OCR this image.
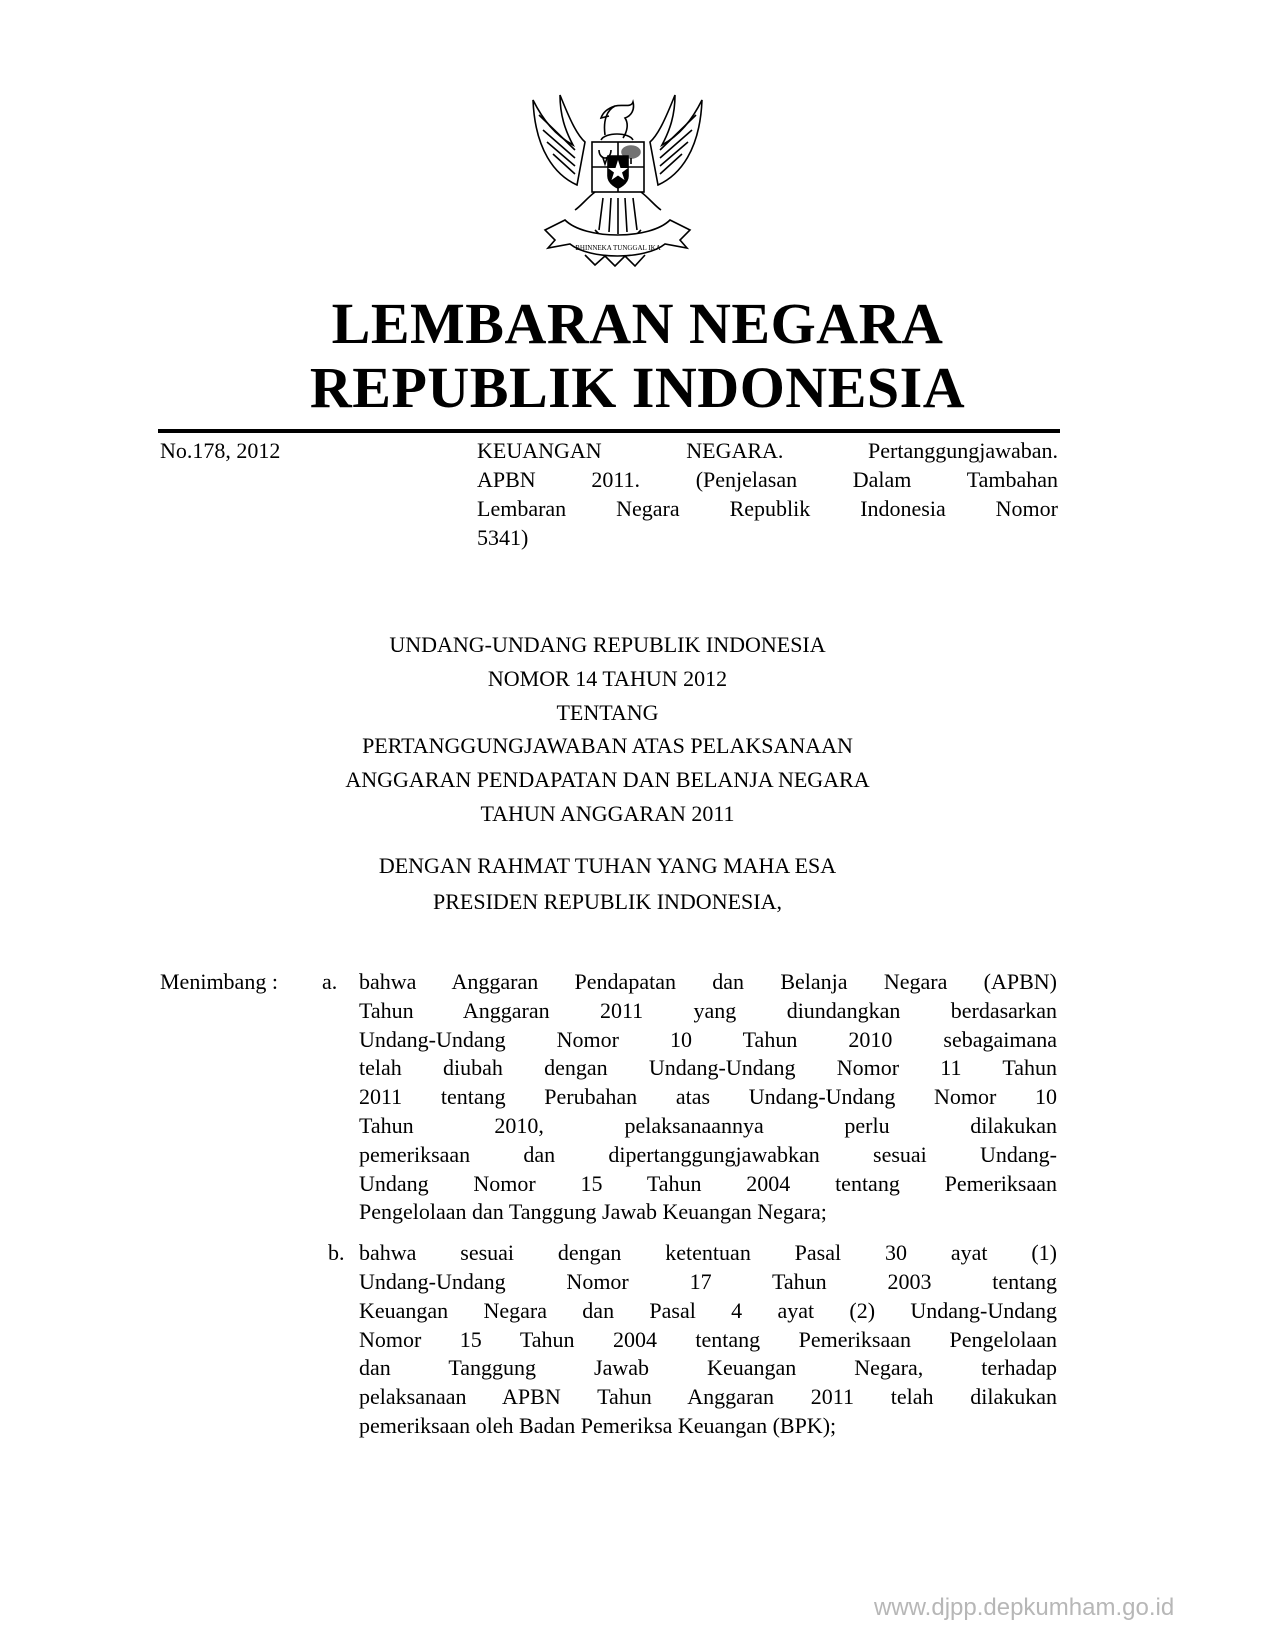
BHINNEKA TUNGGAL IKA
LEMBARAN NEGARA
REPUBLIK INDONESIA
No.178, 2012	KEUANGAN NEGARA. Pertanggungjawaban.
APBN 2011. (Penjelasan Dalam Tambahan
Lembaran Negara Republik Indonesia Nomor
5341)
UNDANG-UNDANG REPUBLIK INDONESIA
NOMOR 14 TAHUN 2012
TENTANG
PERTANGGUNGJAWABAN ATAS PELAKSANAAN
ANGGARAN PENDAPATAN DAN BELANJA NEGARA
TAHUN ANGGARAN 2011
DENGAN RAHMAT TUHAN YANG MAHA ESA
PRESIDEN REPUBLIK INDONESIA,
Menimbang : a. bahwa Anggaran Pendapatan dan Belanja Negara (APBN)
Tahun Anggaran 2011 yang diundangkan berdasarkan
Undang-Undang Nomor 10 Tahun 2010 sebagaimana
telah diubah dengan Undang-Undang Nomor 11 Tahun
2011 tentang Perubahan atas Undang-Undang Nomor 10
Tahun 2010, pelaksanaannya perlu dilakukan
pemeriksaan dan dipertanggungjawabkan sesuai Undang-
Undang Nomor 15 Tahun 2004 tentang Pemeriksaan
Pengelolaan dan Tanggung Jawab Keuangan Negara;
b. bahwa sesuai dengan ketentuan Pasal 30 ayat (1)
Undang-Undang Nomor 17 Tahun 2003 tentang
Keuangan Negara dan Pasal 4 ayat (2) Undang-Undang
Nomor 15 Tahun 2004 tentang Pemeriksaan Pengelolaan
dan Tanggung Jawab Keuangan Negara, terhadap
pelaksanaan APBN Tahun Anggaran 2011 telah dilakukan
pemeriksaan oleh Badan Pemeriksa Keuangan (BPK);
www.djpp.depkumham.go.id
